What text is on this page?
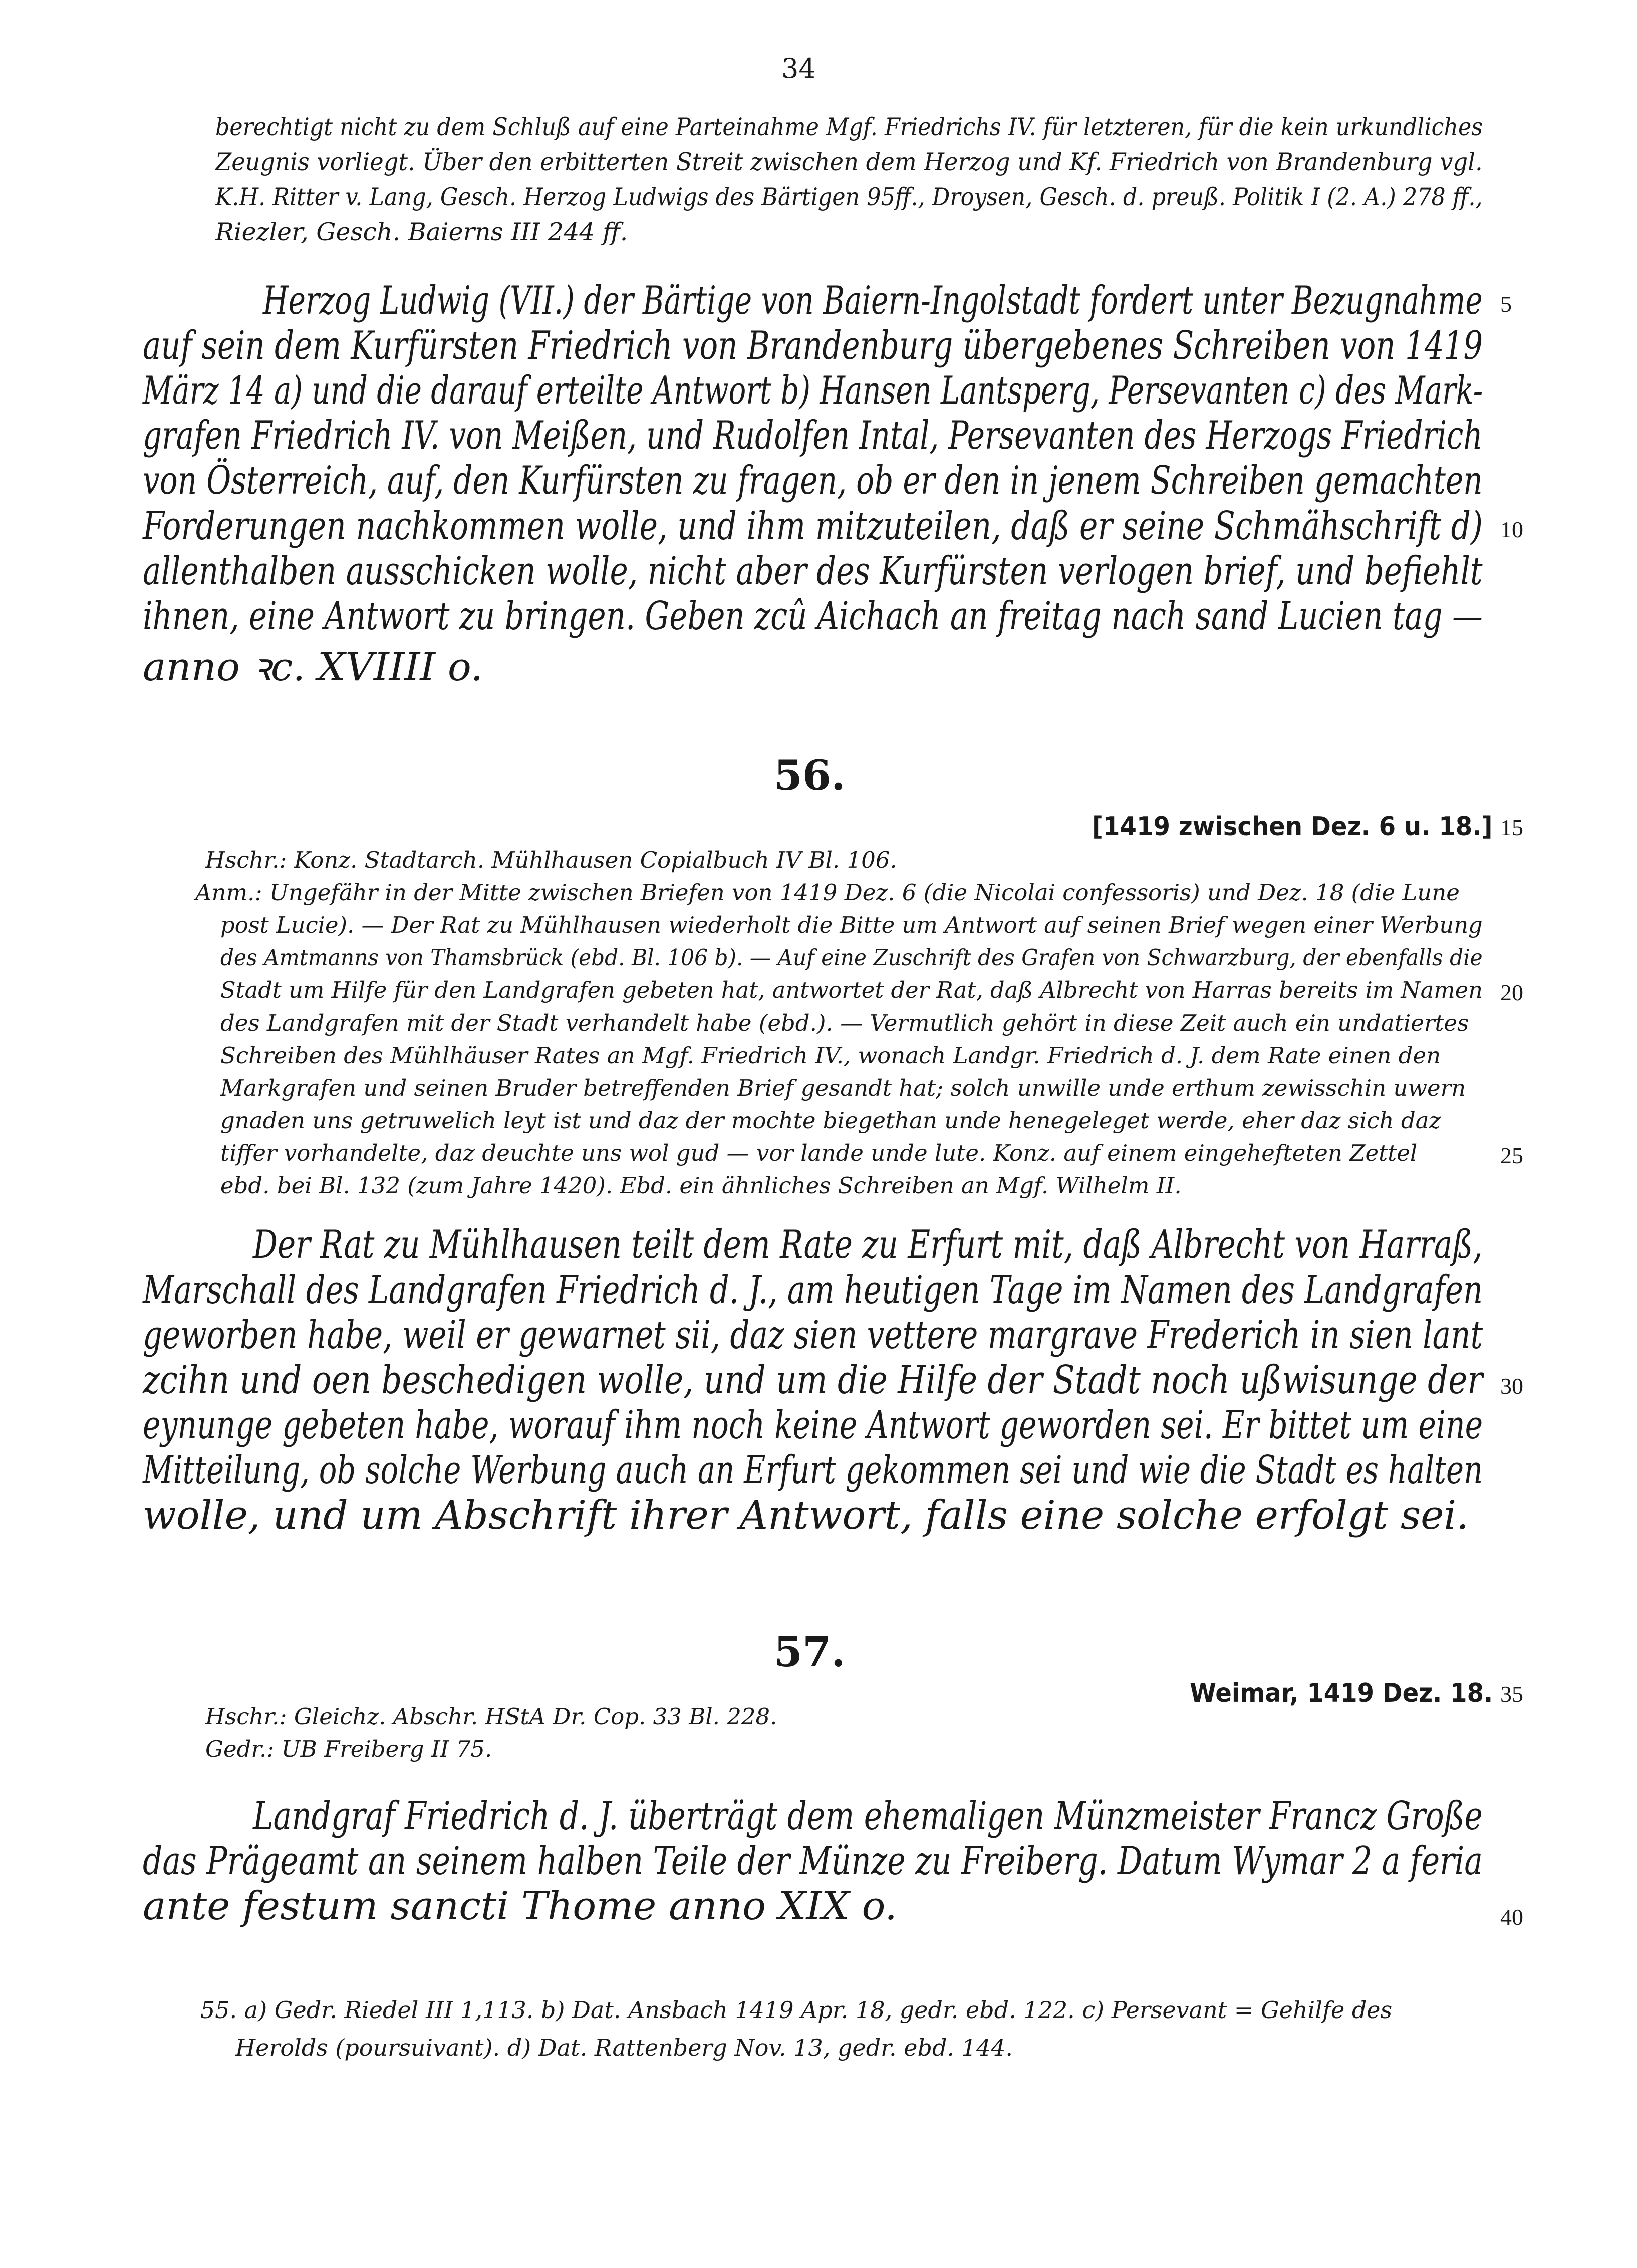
34
berechtigt nicht zu dem Schluß auf eine Parteinahme Mgf. Friedrichs IV. für letzteren, für die kein urkundliches
Zeugnis vorliegt. Über den erbitterten Streit zwischen dem Herzog und Kf. Friedrich von Brandenburg vgl.
K.H. Ritter v. Lang, Gesch. Herzog Ludwigs des Bärtigen 95ff., Droysen, Gesch. d. preuß. Politik I (2. A.) 278 ff.,
Riezler, Gesch. Baierns III 244 ff.
Herzog Ludwig (VII.) der Bärtige von Baiern-Ingolstadt fordert unter Bezugnahme
auf sein dem Kurfürsten Friedrich von Brandenburg übergebenes Schreiben von 1419
März 14 a) und die darauf erteilte Antwort b) Hansen Lantsperg, Persevanten c) des Mark-
grafen Friedrich IV. von Meißen, und Rudolfen Intal, Persevanten des Herzogs Friedrich
von Österreich, auf, den Kurfürsten zu fragen, ob er den in jenem Schreiben gemachten
Forderungen nachkommen wolle, und ihm mitzuteilen, daß er seine Schmähschrift d)
allenthalben ausschicken wolle, nicht aber des Kurfürsten verlogen brief, und befiehlt
ihnen, eine Antwort zu bringen. Geben zcû Aichach an freitag nach sand Lucien tag —
anno ꝛc. XVIIII o.
5
10
56.
[1419 zwischen Dez. 6 u. 18.] 15
Hschr.: Konz. Stadtarch. Mühlhausen Copialbuch IV Bl. 106.
Anm.: Ungefähr in der Mitte zwischen Briefen von 1419 Dez. 6 (die Nicolai confessoris) und Dez. 18 (die Lune
post Lucie). — Der Rat zu Mühlhausen wiederholt die Bitte um Antwort auf seinen Brief wegen einer Werbung
des Amtmanns von Thamsbrück (ebd. Bl. 106 b). — Auf eine Zuschrift des Grafen von Schwarzburg, der ebenfalls die
Stadt um Hilfe für den Landgrafen gebeten hat, antwortet der Rat, daß Albrecht von Harras bereits im Namen
des Landgrafen mit der Stadt verhandelt habe (ebd.). — Vermutlich gehört in diese Zeit auch ein undatiertes
Schreiben des Mühlhäuser Rates an Mgf. Friedrich IV., wonach Landgr. Friedrich d. J. dem Rate einen den
Markgrafen und seinen Bruder betreffenden Brief gesandt hat; solch unwille unde erthum zewisschin uwern
gnaden uns getruwelich leyt ist und daz der mochte biegethan unde henegeleget werde, eher daz sich daz
tiffer vorhandelte, daz deuchte uns wol gud — vor lande unde lute. Konz. auf einem eingehefteten Zettel
ebd. bei Bl. 132 (zum Jahre 1420). Ebd. ein ähnliches Schreiben an Mgf. Wilhelm II.
20
25
Der Rat zu Mühlhausen teilt dem Rate zu Erfurt mit, daß Albrecht von Harraß,
Marschall des Landgrafen Friedrich d. J., am heutigen Tage im Namen des Landgrafen
geworben habe, weil er gewarnet sii, daz sien vettere margrave Frederich in sien lant
zcihn und oen beschedigen wolle, und um die Hilfe der Stadt noch ußwisunge der
eynunge gebeten habe, worauf ihm noch keine Antwort geworden sei. Er bittet um eine
Mitteilung, ob solche Werbung auch an Erfurt gekommen sei und wie die Stadt es halten
wolle, und um Abschrift ihrer Antwort, falls eine solche erfolgt sei.
30
57.
Weimar, 1419 Dez. 18. 35
Hschr.: Gleichz. Abschr. HStA Dr. Cop. 33 Bl. 228.
Gedr.: UB Freiberg II 75.
Landgraf Friedrich d. J. überträgt dem ehemaligen Münzmeister Francz Große
das Prägeamt an seinem halben Teile der Münze zu Freiberg. Datum Wymar 2 a feria
ante festum sancti Thome anno XIX o.	40
55. a) Gedr. Riedel III 1,113. b) Dat. Ansbach 1419 Apr. 18, gedr. ebd. 122. c) Persevant = Gehilfe des
Herolds (poursuivant). d) Dat. Rattenberg Nov. 13, gedr. ebd. 144.
